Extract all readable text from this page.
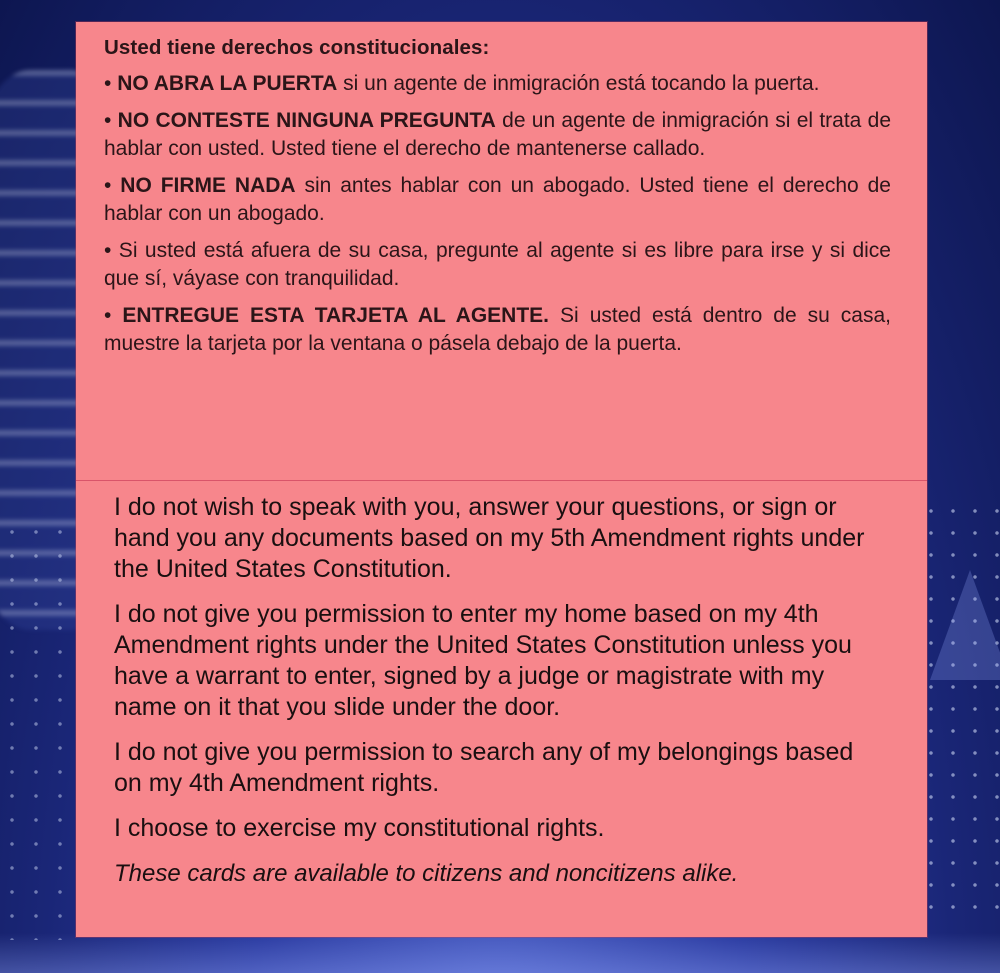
Usted tiene derechos constitucionales:

• NO ABRA LA PUERTA si un agente de inmigración está tocando la puerta.

• NO CONTESTE NINGUNA PREGUNTA de un agente de inmigración si el trata de hablar con usted. Usted tiene el derecho de mantenerse callado.

• NO FIRME NADA sin antes hablar con un abogado. Usted tiene el derecho de hablar con un abogado.

• Si usted está afuera de su casa, pregunte al agente si es libre para irse y si dice que sí, váyase con tranquilidad.

• ENTREGUE ESTA TARJETA AL AGENTE. Si usted está dentro de su casa, muestre la tarjeta por la ventana o pásela debajo de la puerta.

I do not wish to speak with you, answer your questions, or sign or hand you any documents based on my 5th Amendment rights under the United States Constitution.

I do not give you permission to enter my home based on my 4th Amendment rights under the United States Constitution unless you have a warrant to enter, signed by a judge or magistrate with my name on it that you slide under the door.

I do not give you permission to search any of my belongings based on my 4th Amendment rights.

I choose to exercise my constitutional rights.

These cards are available to citizens and noncitizens alike.
